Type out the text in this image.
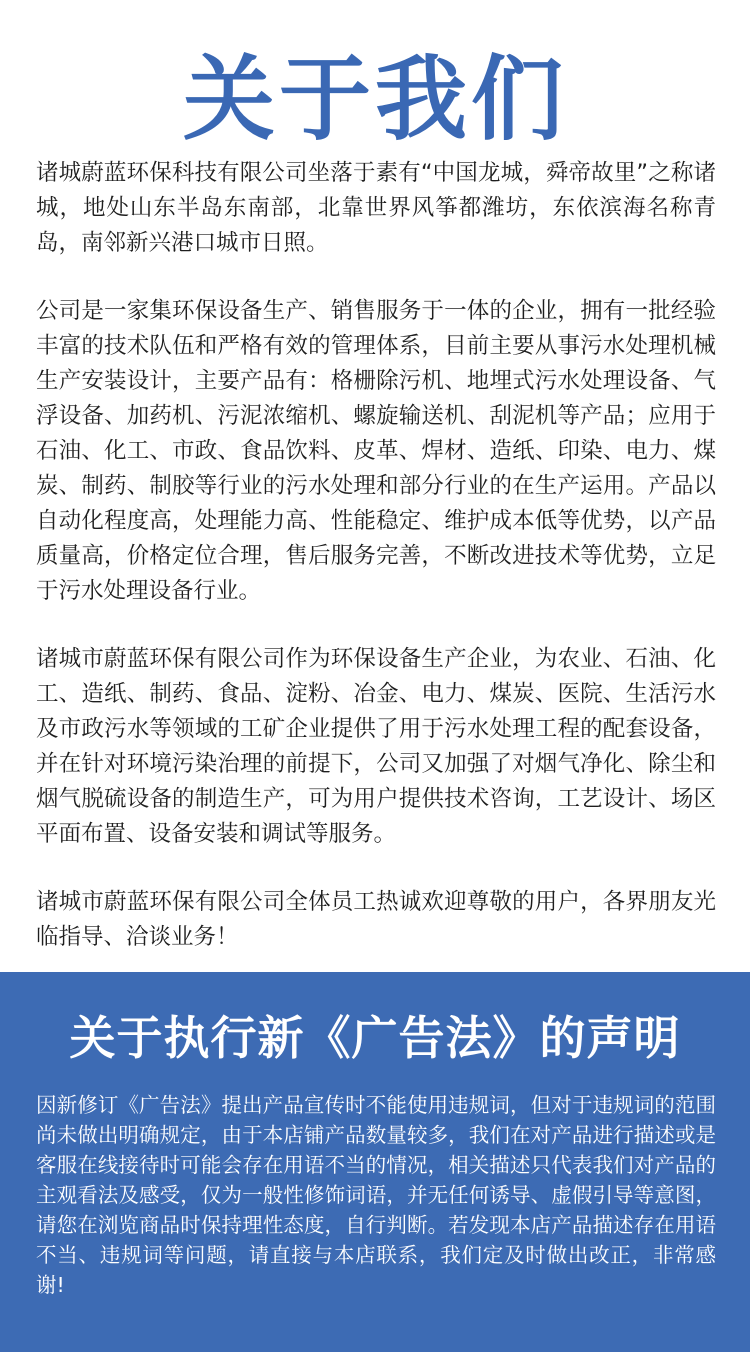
关于我们

诸城蔚蓝环保科技有限公司坐落于素有“中国龙城，舜帝故里”之称诸城，地处山东半岛东南部，北靠世界风筝都潍坊，东依滨海名称青岛，南邻新兴港口城市日照。

公司是一家集环保设备生产、销售服务于一体的企业，拥有一批经验丰富的技术队伍和严格有效的管理体系，目前主要从事污水处理机械生产安装设计，主要产品有：格栅除污机、地埋式污水处理设备、气浮设备、加药机、污泥浓缩机、螺旋输送机、刮泥机等产品；应用于石油、化工、市政、食品饮料、皮革、焊材、造纸、印染、电力、煤炭、制药、制胶等行业的污水处理和部分行业的在生产运用。产品以自动化程度高，处理能力高、性能稳定、维护成本低等优势，以产品质量高，价格定位合理，售后服务完善，不断改进技术等优势，立足于污水处理设备行业。

诸城市蔚蓝环保有限公司作为环保设备生产企业，为农业、石油、化工、造纸、制药、食品、淀粉、冶金、电力、煤炭、医院、生活污水及市政污水等领域的工矿企业提供了用于污水处理工程的配套设备，并在针对环境污染治理的前提下，公司又加强了对烟气净化、除尘和烟气脱硫设备的制造生产，可为用户提供技术咨询，工艺设计、场区平面布置、设备安装和调试等服务。

诸城市蔚蓝环保有限公司全体员工热诚欢迎尊敬的用户，各界朋友光临指导、洽谈业务！

关于执行新《广告法》的声明

因新修订《广告法》提出产品宣传时不能使用违规词，但对于违规词的范围尚未做出明确规定，由于本店铺产品数量较多，我们在对产品进行描述或是客服在线接待时可能会存在用语不当的情况，相关描述只代表我们对产品的主观看法及感受，仅为一般性修饰词语，并无任何诱导、虚假引导等意图，请您在浏览商品时保持理性态度，自行判断。若发现本店产品描述存在用语不当、违规词等问题，请直接与本店联系，我们定及时做出改正，非常感谢!
